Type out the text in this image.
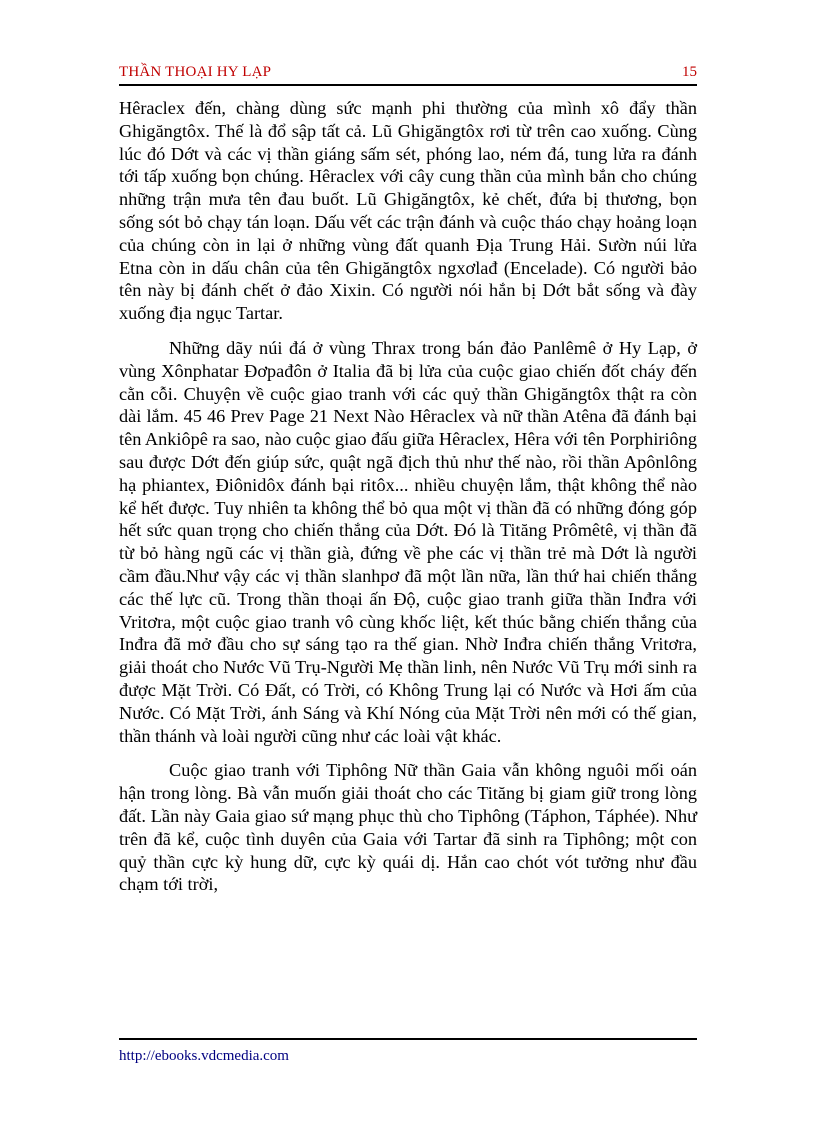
THẦN THOẠI HY LẠP	15

Hêraclex đến, chàng dùng sức mạnh phi thường của mình xô đẩy thần Ghigăngtôx. Thế là đổ sập tất cả. Lũ Ghigăngtôx rơi từ trên cao xuống. Cùng lúc đó Dớt và các vị thần giáng sấm sét, phóng lao, ném đá, tung lửa ra đánh tới tấp xuống bọn chúng. Hêraclex với cây cung thần của mình bắn cho chúng những trận mưa tên đau buốt. Lũ Ghigăngtôx, kẻ chết, đứa bị thương, bọn sống sót bỏ chạy tán loạn. Dấu vết các trận đánh và cuộc tháo chạy hoảng loạn của chúng còn in lại ở những vùng đất quanh Địa Trung Hải. Sườn núi lửa Etna còn in dấu chân của tên Ghigăngtôx ngxơlađ (Encelade). Có người bảo tên này bị đánh chết ở đảo Xixin. Có người nói hắn bị Dớt bắt sống và đày xuống địa ngục Tartar.

Những dãy núi đá ở vùng Thrax trong bán đảo Panlêmê ở Hy Lạp, ở vùng Xônphatar Đơpađôn ở Italia đã bị lửa của cuộc giao chiến đốt cháy đến cằn cỗi. Chuyện về cuộc giao tranh với các quỷ thần Ghigăngtôx thật ra còn dài lắm. 45 46 Prev Page 21 Next Nào Hêraclex và nữ thần Atêna đã đánh bại tên Ankiôpê ra sao, nào cuộc giao đấu giữa Hêraclex, Hêra với tên Porphiriông sau được Dớt đến giúp sức, quật ngã địch thủ như thế nào, rồi thần Apônlông hạ phiantex, Điônidôx đánh bại ritôx... nhiều chuyện lắm, thật không thể nào kể hết được. Tuy nhiên ta không thể bỏ qua một vị thần đã có những đóng góp hết sức quan trọng cho chiến thắng của Dớt. Đó là Tităng Prômêtê, vị thần đã từ bỏ hàng ngũ các vị thần già, đứng về phe các vị thần trẻ mà Dớt là người cầm đầu.Như vậy các vị thần slanhpơ đã một lần nữa, lần thứ hai chiến thắng các thế lực cũ. Trong thần thoại ấn Độ, cuộc giao tranh giữa thần Inđra với Vritơra, một cuộc giao tranh vô cùng khốc liệt, kết thúc bằng chiến thắng của Inđra đã mở đầu cho sự sáng tạo ra thế gian. Nhờ Inđra chiến thắng Vritơra, giải thoát cho Nước Vũ Trụ-Người Mẹ thần linh, nên Nước Vũ Trụ mới sinh ra được Mặt Trời. Có Đất, có Trời, có Không Trung lại có Nước và Hơi ấm của Nước. Có Mặt Trời, ánh Sáng và Khí Nóng của Mặt Trời nên mới có thế gian, thần thánh và loài người cũng như các loài vật khác.

Cuộc giao tranh với Tiphông Nữ thần Gaia vẫn không nguôi mối oán hận trong lòng. Bà vẫn muốn giải thoát cho các Tităng bị giam giữ trong lòng đất. Lần này Gaia giao sứ mạng phục thù cho Tiphông (Táphon, Táphée). Như trên đã kể, cuộc tình duyên của Gaia với Tartar đã sinh ra Tiphông; một con quỷ thần cực kỳ hung dữ, cực kỳ quái dị. Hắn cao chót vót tưởng như đầu chạm tới trời,

http://ebooks.vdcmedia.com
